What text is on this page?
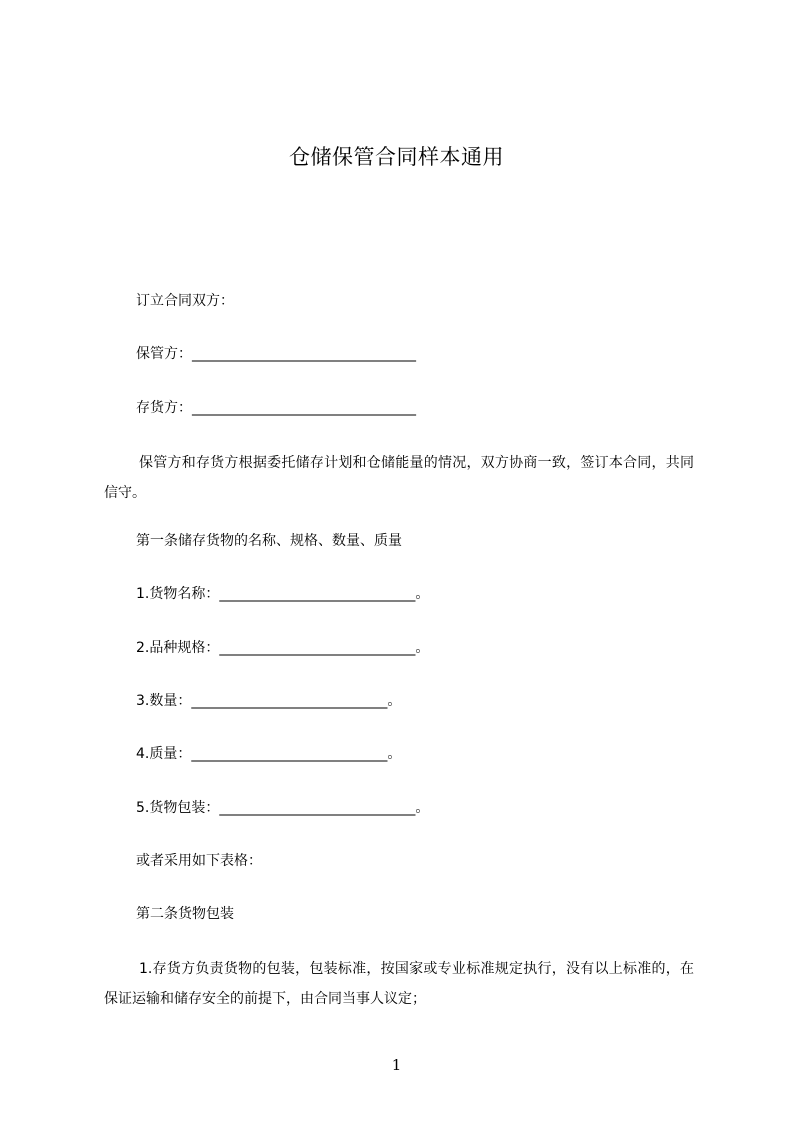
仓储保管合同样本通用
订立合同双方：
保管方：________________________________
存货方：________________________________
保管方和存货方根据委托储存计划和仓储能量的情况，双方协商一致，签订本合同，共同信守。
第一条储存货物的名称、规格、数量、质量
1.货物名称：____________________________。
2.品种规格：____________________________。
3.数量：____________________________。
4.质量：____________________________。
5.货物包装：____________________________。
或者采用如下表格：
第二条货物包装
1.存货方负责货物的包装，包装标准，按国家或专业标准规定执行，没有以上标准的，在保证运输和储存安全的前提下，由合同当事人议定；
1
